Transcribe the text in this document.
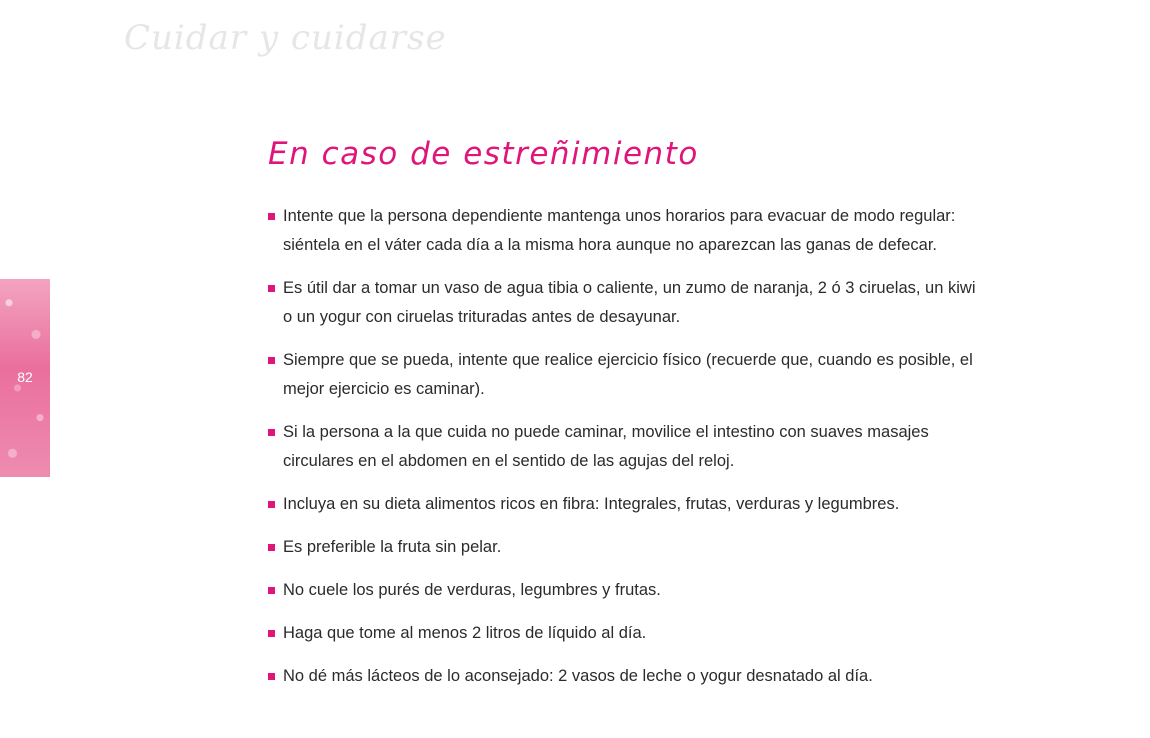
Cuidar y cuidarse
82
En caso de estreñimiento
Intente que la persona dependiente mantenga unos horarios para evacuar de modo regular: siéntela en el váter cada día a la misma hora aunque no aparezcan las ganas de defecar.
Es útil dar a tomar un vaso de agua tibia o caliente, un zumo de naranja, 2 ó 3 ciruelas, un kiwi o un yogur con ciruelas trituradas antes de desayunar.
Siempre que se pueda, intente que realice ejercicio físico (recuerde que, cuando es posible, el mejor ejercicio es caminar).
Si la persona a la que cuida no puede caminar, movilice el intestino con suaves masajes circulares en el abdomen en el sentido de las agujas del reloj.
Incluya en su dieta alimentos ricos en fibra: Integrales, frutas, verduras y legumbres.
Es preferible la fruta sin pelar.
No cuele los purés de verduras, legumbres y frutas.
Haga que tome al menos 2 litros de líquido al día.
No dé más lácteos de lo aconsejado: 2 vasos de leche o yogur desnatado al día.
